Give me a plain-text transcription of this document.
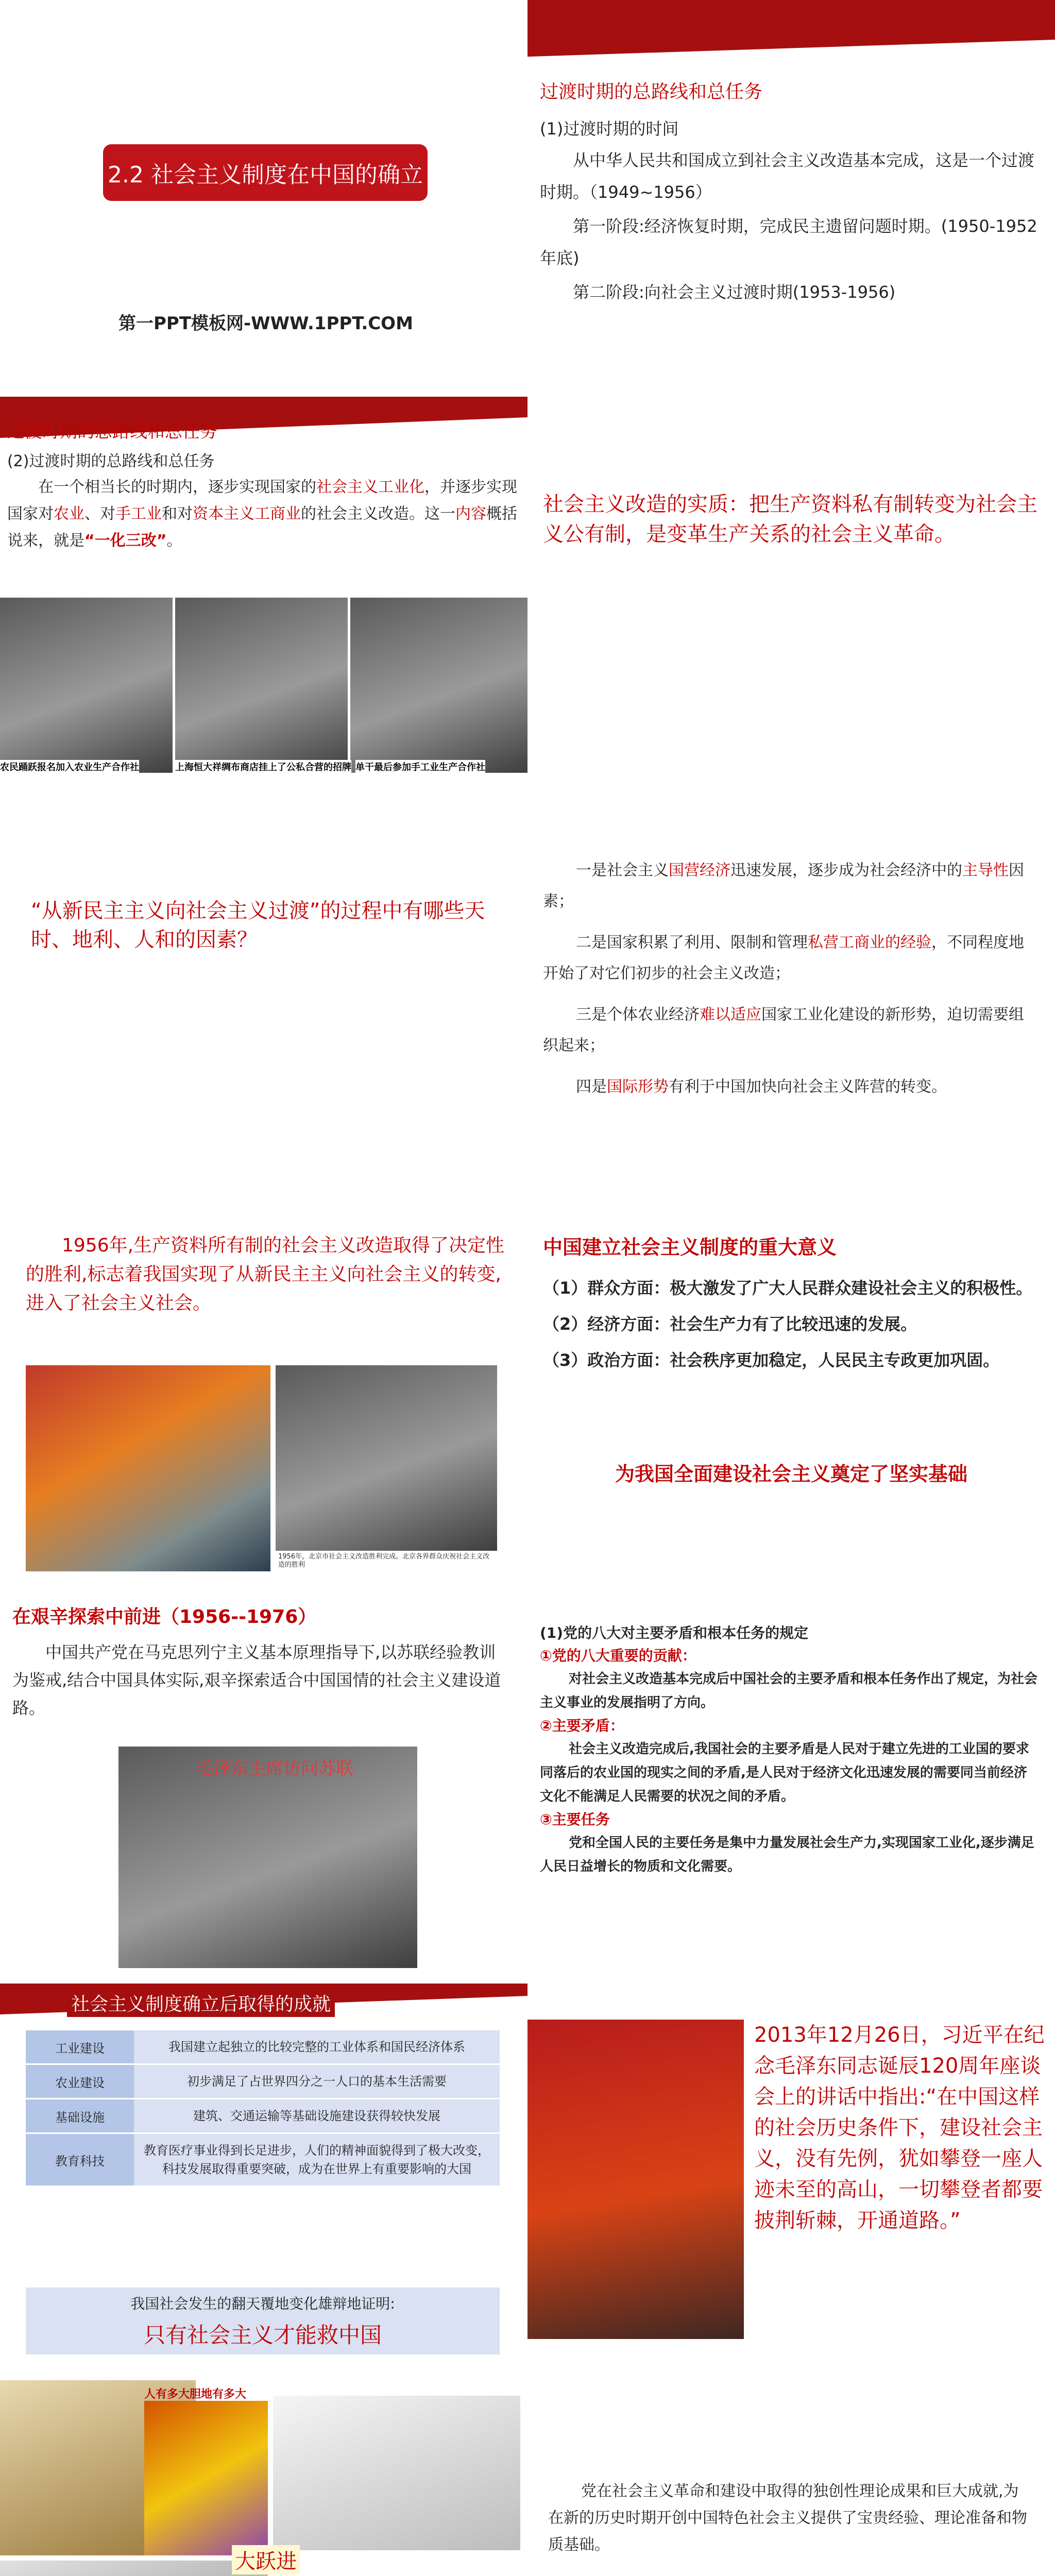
2.2 社会主义制度在中国的确立
第一PPT模板网-WWW.1PPT.COM
过渡时期的总路线和总任务

(1)过渡时期的时间

从中华人民共和国成立到社会主义改造基本完成，这是一个过渡时期。（1949~1956）

第一阶段:经济恢复时期，完成民主遗留问题时期。(1950-1952年底)

第二阶段:向社会主义过渡时期(1953-1956)

过渡时期的总路线和总任务
(2)过渡时期的总路线和总任务

在一个相当长的时期内，逐步实现国家的社会主义工业化，并逐步实现国家对农业、对手工业和对资本主义工商业的社会主义改造。这一内容概括说来，就是“一化三改”。

农民踊跃报名加入农业生产合作社	上海恒大祥绸布商店挂上了公私合营的招牌 单干最后参加手工业生产合作社

社会主义改造的实质：把生产资料私有制转变为社会主义公有制，是变革生产关系的社会主义革命。

“从新民主主义向社会主义过渡”的过程中有哪些天时、地利、人和的因素？

一是社会主义国营经济迅速发展，逐步成为社会经济中的主导性因素；

二是国家积累了利用、限制和管理私营工商业的经验，不同程度地开始了对它们初步的社会主义改造；

三是个体农业经济难以适应国家工业化建设的新形势，迫切需要组织起来；

四是国际形势有利于中国加快向社会主义阵营的转变。

1956年,生产资料所有制的社会主义改造取得了决定性的胜利,标志着我国实现了从新民主主义向社会主义的转变,进入了社会主义社会。

1956年，北京市社会主义改造胜利完成。北京各界群众庆祝社会主义改造的胜利
中国建立社会主义制度的重大意义

（1）群众方面：极大激发了广大人民群众建设社会主义的积极性。

（2）经济方面：社会生产力有了比较迅速的发展。

（3）政治方面：社会秩序更加稳定，人民民主专政更加巩固。

为我国全面建设社会主义奠定了坚实基础
在艰辛探索中前进（1956--1976）

中国共产党在马克思列宁主义基本原理指导下,以苏联经验教训为鉴戒,结合中国具体实际,艰辛探索适合中国国情的社会主义建设道路。

毛泽东主席访问苏联
(1)党的八大对主要矛盾和根本任务的规定
①党的八大重要的贡献：

对社会主义改造基本完成后中国社会的主要矛盾和根本任务作出了规定，为社会主义事业的发展指明了方向。

②主要矛盾：

社会主义改造完成后,我国社会的主要矛盾是人民对于建立先进的工业国的要求同落后的农业国的现实之间的矛盾,是人民对于经济文化迅速发展的需要同当前经济文化不能满足人民需要的状况之间的矛盾。

③主要任务

党和全国人民的主要任务是集中力量发展社会生产力,实现国家工业化,逐步满足人民日益增长的物质和文化需要。

社会主义制度确立后取得的成就
工业建设	我国建立起独立的比较完整的工业体系和国民经济体系
农业建设	初步满足了占世界四分之一人口的基本生活需要
基础设施	建筑、交通运输等基础设施建设获得较快发展
教育科技	教育医疗事业得到长足进步，人们的精神面貌得到了极大改变，科技发展取得重要突破，成为在世界上有重要影响的大国
我国社会发生的翻天覆地变化雄辩地证明:
只有社会主义才能救中国
2013年12月26日，习近平在纪念毛泽东同志诞辰120周年座谈会上的讲话中指出:“在中国这样的社会历史条件下，建设社会主义，没有先例，犹如攀登一座人迹未至的高山，一切攀登者都要披荆斩棘，开通道路。”
人有多大胆地有多大
大跃进

党在社会主义革命和建设中取得的独创性理论成果和巨大成就,为在新的历史时期开创中国特色社会主义提供了宝贵经验、理论准备和物质基础。
